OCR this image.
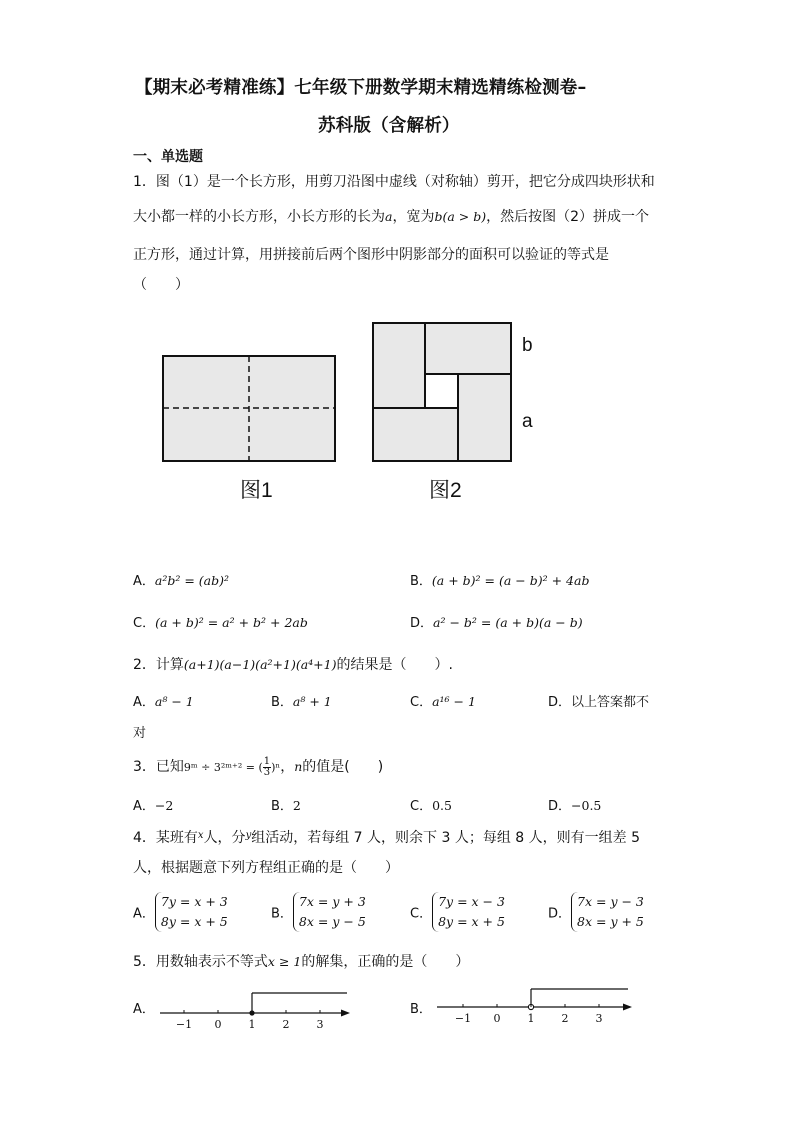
【期末必考精准练】七年级下册数学期末精选精练检测卷–
苏科版（含解析）
一、单选题
1．图（1）是一个长方形，用剪刀沿图中虚线（对称轴）剪开，把它分成四块形状和
大小都一样的小长方形，小长方形的长为a，宽为b(a > b)，然后按图（2）拼成一个
正方形，通过计算，用拼接前后两个图形中阴影部分的面积可以验证的等式是
（　　）
图1
b
a
图2
A．a²b² = (ab)²	B．(a + b)² = (a − b)² + 4ab
C．(a + b)² = a² + b² + 2ab	D．a² − b² = (a + b)(a − b)
2．计算(a+1)(a−1)(a²+1)(a⁴+1)的结果是（　　）.
A．a⁸ − 1	B．a⁸ + 1	C．a¹⁶ − 1	D．以上答案都不
对
3．已知9ᵐ ÷ 3²ᵐ⁺² = ( $\frac{1}{3} )^n$，n的值是(　　)
A．−2	B．2	C．0.5	D．−0.5
4．某班有$^x$人，分$^y$组活动，若每组 7 人，则余下 3 人；每组 8 人，则有一组差 5
人，根据题意下列方程组正确的是（　　）
A．
7y = x + 3
8y = x + 5	B．
7x = y + 3
8x = y − 5	C．
7y = x − 3
8y = x + 5	D．
7x = y − 3
8x = y + 5
5．用数轴表示不等式x ≥ 1的解集，正确的是（　　）
A．
−1 0 1 2 3
B．
−1 0 1 2 3
